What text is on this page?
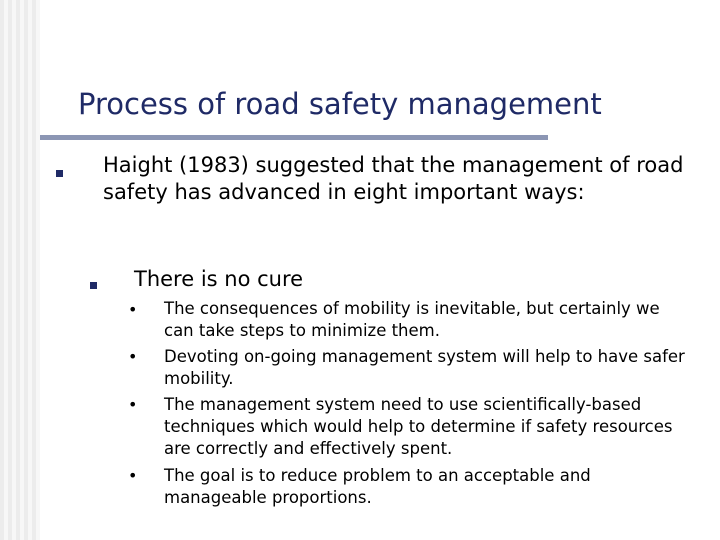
Process of road safety management
Haight (1983) suggested that the management of road safety has advanced in eight important ways:
There is no cure
• The consequences of mobility is inevitable, but certainly we can take steps to minimize them.
• Devoting on-going management system will help to have safer mobility.
• The management system need to use scientifically-based techniques which would help to determine if safety resources are correctly and effectively spent.
• The goal is to reduce problem to an acceptable and manageable proportions.
